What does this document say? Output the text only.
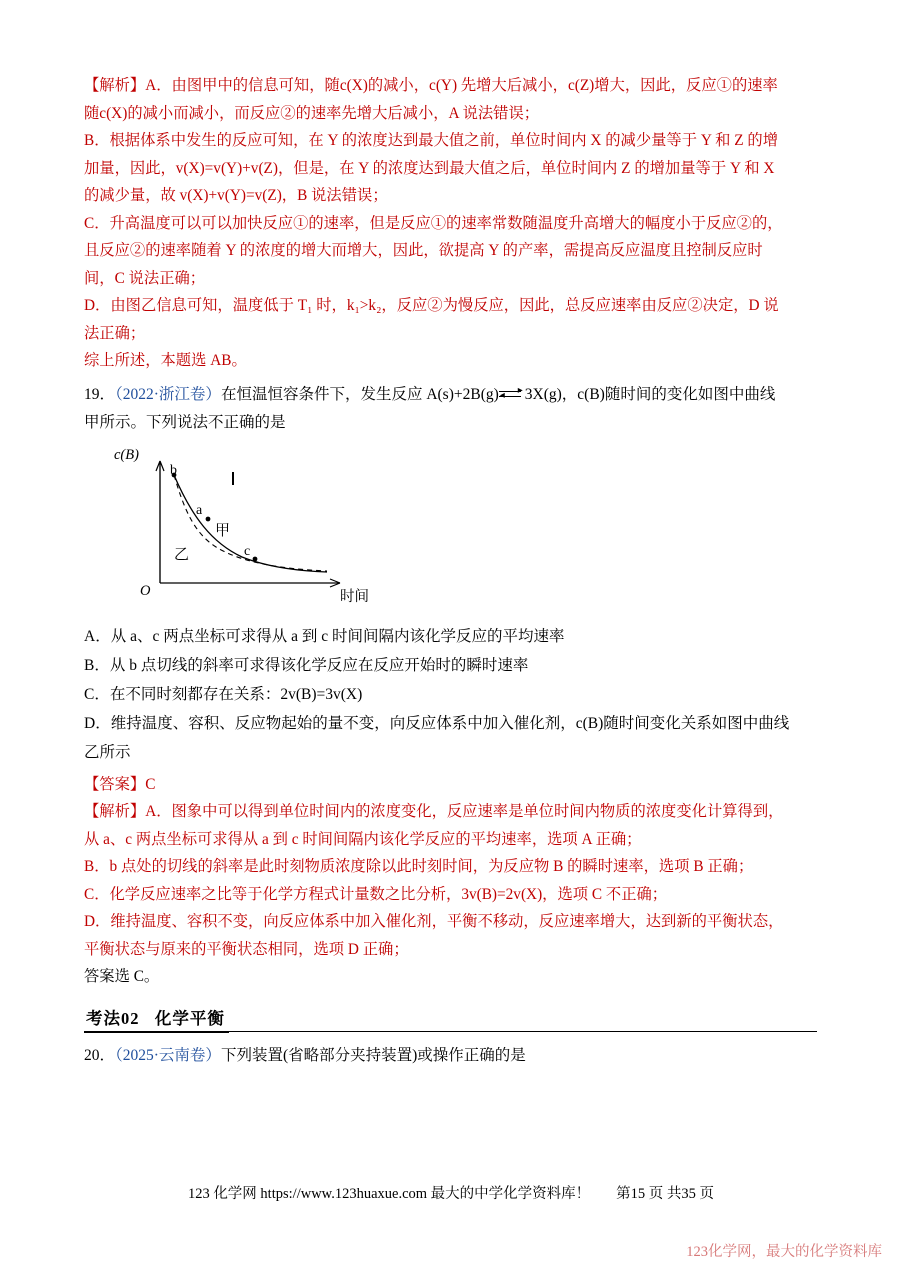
【解析】A．由图甲中的信息可知，随c(X)的减小，c(Y) 先增大后减小，c(Z)增大，因此，反应①的速率

随c(X)的减小而减小，而反应②的速率先增大后减小，A 说法错误；

B．根据体系中发生的反应可知，在 Y 的浓度达到最大值之前，单位时间内 X 的减少量等于 Y 和 Z 的增

加量，因此，v(X)=v(Y)+v(Z)，但是，在 Y 的浓度达到最大值之后，单位时间内 Z 的增加量等于 Y 和 X

的减少量，故 v(X)+v(Y)=v(Z)，B 说法错误；

C．升高温度可以可以加快反应①的速率，但是反应①的速率常数随温度升高增大的幅度小于反应②的，

且反应②的速率随着 Y 的浓度的增大而增大，因此，欲提高 Y 的产率，需提高反应温度且控制反应时

间，C 说法正确；

D．由图乙信息可知，温度低于 T₁ 时，k₁>k₂，反应②为慢反应，因此，总反应速率由反应②决定，D 说

法正确；

综上所述，本题选 AB。

19．（2022·浙江卷）在恒温恒容条件下，发生反应 A(s)+2B(g) ▸
◂ 3X(g)，c(B)随时间的变化如图中曲线

甲所示。下列说法不正确的是

c(B)
O	时间
b
a
c
甲
乙

A．从 a、c 两点坐标可求得从 a 到 c 时间间隔内该化学反应的平均速率

B．从 b 点切线的斜率可求得该化学反应在反应开始时的瞬时速率

C．在不同时刻都存在关系：2v(B)=3v(X)

D．维持温度、容积、反应物起始的量不变，向反应体系中加入催化剂，c(B)随时间变化关系如图中曲线

乙所示

【答案】C

【解析】A．图象中可以得到单位时间内的浓度变化，反应速率是单位时间内物质的浓度变化计算得到，

从 a、c 两点坐标可求得从 a 到 c 时间间隔内该化学反应的平均速率，选项 A 正确；

B．b 点处的切线的斜率是此时刻物质浓度除以此时刻时间，为反应物 B 的瞬时速率，选项 B 正确；

C．化学反应速率之比等于化学方程式计量数之比分析，3v(B)=2v(X)，选项 C 不正确；

D．维持温度、容积不变，向反应体系中加入催化剂，平衡不移动，反应速率增大，达到新的平衡状态，

平衡状态与原来的平衡状态相同，选项 D 正确；

答案选 C。

考法02 化学平衡

20．（2025·云南卷）下列装置(省略部分夹持装置)或操作正确的是

123 化学网 https://www.123huaxue.com 最大的中学化学资料库！ 第15 页 共35 页
123化学网，最大的化学资料库
